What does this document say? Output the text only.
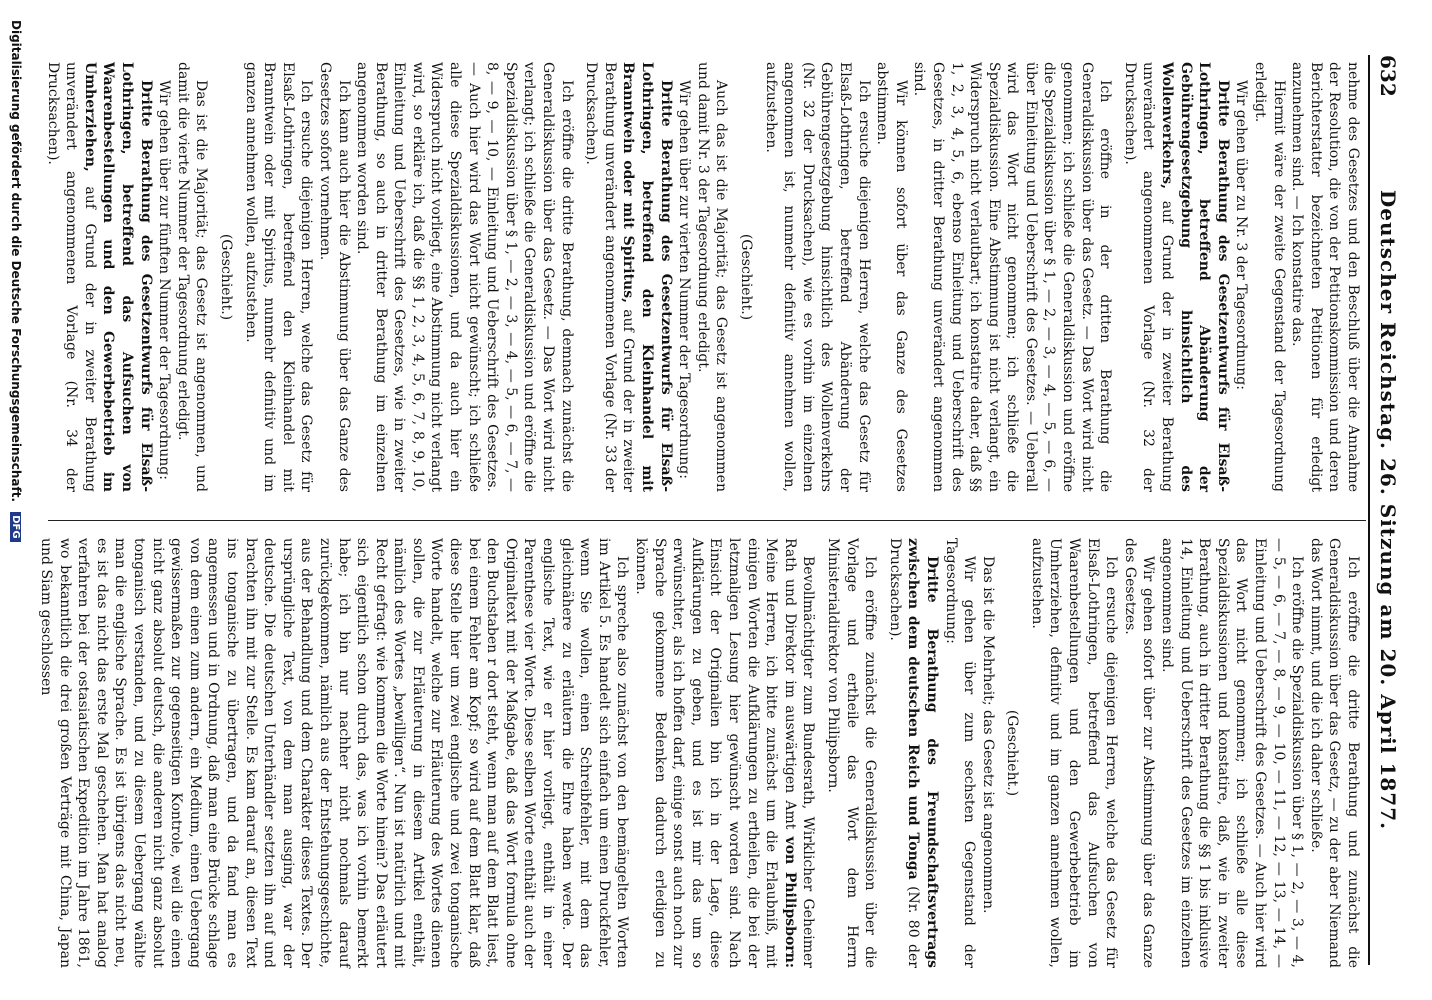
632
Deutscher Reichstag. 26. Sitzung am 20. April 1877.

nehme des Gesetzes und den Beschluß über die Annahme der Resolution, die von der Petitionskommission und deren Berichterstatter bezeichneten Petitionen für erledigt anzunehmen sind. — Ich konstatire das.

Hiermit wäre der zweite Gegenstand der Tagesordnung erledigt.

Wir gehen über zu Nr. 3 der Tagesordnung:

Dritte Berathung des Gesetzentwurfs für Elsaß-Lothringen, betreffend Abänderung der Gebührengesetzgebung hinsichtlich des Wollenverkehrs, auf Grund der in zweiter Berathung unverändert angenommenen Vorlage (Nr. 32 der Drucksachen).

Ich eröffne in der dritten Berathung die Generaldiskussion über das Gesetz. — Das Wort wird nicht genommen; ich schließe die Generaldiskussion und eröffne die Spezialdiskussion über § 1, — 2, — 3, — 4, — 5, — 6, — über Einleitung und Ueberschrift des Gesetzes. — Ueberall wird das Wort nicht genommen; ich schließe die Spezialdiskussion. Eine Abstimmung ist nicht verlangt, ein Widerspruch nicht verlautbart; ich konstatire daher, daß §§ 1, 2, 3, 4, 5, 6, ebenso Einleitung und Ueberschrift des Gesetzes, in dritter Berathung unverändert angenommen sind.

Wir können sofort über das Ganze des Gesetzes abstimmen.

Ich ersuche diejenigen Herren, welche das Gesetz für Elsaß-Lothringen, betreffend Abänderung der Gebührengesetzgebung hinsichtlich des Wollenverkehrs (Nr. 32 der Drucksachen), wie es vorhin im einzelnen angenommen ist, nunmehr definitiv annehmen wollen, aufzustehen.

(Geschieht.)

Auch das ist die Majorität; das Gesetz ist angenommen und damit Nr. 3 der Tagesordnung erledigt.

Wir gehen über zur vierten Nummer der Tagesordnung:

Dritte Berathung des Gesetzentwurfs für Elsaß-Lothringen, betreffend den Kleinhandel mit Branntwein oder mit Spiritus, auf Grund der in zweiter Berathung unverändert angenommenen Vorlage (Nr. 33 der Drucksachen).

Ich eröffne die dritte Berathung, demnach zunächst die Generaldiskussion über das Gesetz. — Das Wort wird nicht verlangt; ich schließe die Generaldiskussion und eröffne die Spezialdiskussion über § 1, — 2, — 3, — 4, — 5, — 6, — 7, — 8, — 9, — 10, — Einleitung und Ueberschrift des Gesetzes. — Auch hier wird das Wort nicht gewünscht; ich schließe alle diese Spezialdiskussionen, und da auch hier ein Widerspruch nicht vorliegt, eine Abstimmung nicht verlangt wird, so erkläre ich, daß die §§ 1, 2, 3, 4, 5, 6, 7, 8, 9, 10, Einleitung und Ueberschrift des Gesetzes, wie in zweiter Berathung, so auch in dritter Berathung im einzelnen angenommen worden sind.

Ich kann auch hier die Abstimmung über das Ganze des Gesetzes sofort vornehmen.

Ich ersuche diejenigen Herren, welche das Gesetz für Elsaß-Lothringen, betreffend den Kleinhandel mit Branntwein oder mit Spiritus, nunmehr definitiv und im ganzen annehmen wollen, aufzustehen.

(Geschieht.)

Das ist die Majorität; das Gesetz ist angenommen, und damit die vierte Nummer der Tagesordnung erledigt.

Wir gehen über zur fünften Nummer der Tagesordnung:

Dritte Berathung des Gesetzentwurfs für Elsaß-Lothringen, betreffend das Aufsuchen von Waarenbestellungen und den Gewerbebetrieb im Umherziehen, auf Grund der in zweiter Berathung unverändert angenommenen Vorlage (Nr. 34 der Drucksachen).

Ich eröffne die dritte Berathung und zunächst die Generaldiskussion über das Gesetz, — zu der aber Niemand das Wort nimmt, und die ich daher schließe.

Ich eröffne die Spezialdiskussion über § 1, — 2, — 3, — 4, — 5, — 6, — 7, — 8, — 9, — 10, — 11, — 12, — 13, — 14, — Einleitung und Ueberschrift des Gesetzes. — Auch hier wird das Wort nicht genommen; ich schließe alle diese Spezialdiskussionen und konstatire, daß, wie in zweiter Berathung, auch in dritter Berathung die §§ 1 bis inklusive 14, Einleitung und Ueberschrift des Gesetzes im einzelnen angenommen sind.

Wir gehen sofort über zur Abstimmung über das Ganze des Gesetzes.

Ich ersuche diejenigen Herren, welche das Gesetz für Elsaß-Lothringen, betreffend das Aufsuchen von Waarenbestellungen und den Gewerbebetrieb im Umherziehen, definitiv und im ganzen annehmen wollen, aufzustehen.

(Geschieht.)

Das ist die Mehrheit; das Gesetz ist angenommen.

Wir gehen über zum sechsten Gegenstand der Tagesordnung:

Dritte Berathung des Freundschaftsvertrags zwischen dem deutschen Reich und Tonga (Nr. 80 der Drucksachen).

Ich eröffne zunächst die Generaldiskussion über die Vorlage und ertheile das Wort dem Herrn Ministerialdirektor von Philipsborn.

Bevollmächtigter zum Bundesrath, Wirklicher Geheimer Rath und Direktor im auswärtigen Amt von Philipsborn: Meine Herren, ich bitte zunächst um die Erlaubniß, mit einigen Worten die Aufklärungen zu ertheilen, die bei der letzmaligen Lesung hier gewünscht worden sind. Nach Einsicht der Originalien bin ich in der Lage, diese Aufklärungen zu geben, und es ist mir das um so erwünschter, als ich hoffen darf, einige sonst auch noch zur Sprache gekommene Bedenken dadurch erledigen zu können.

Ich spreche also zunächst von den bemängelten Worten im Artikel 5. Es handelt sich einfach um einen Druckfehler, wenn Sie wollen, einen Schreibfehler, mit dem das gleichnähere zu erläutern die Ehre haben werde. Der englische Text, wie er hier vorliegt, enthält in einer Parenthese vier Worte. Diese selben Worte enthält auch der Originaltext mit der Maßgabe, daß das Wort formula ohne den Buchstaben r dort steht, wenn man auf dem Blatt liest, bei einem Fehler am Kopf; so wird auf dem Blatt klar, daß diese Stelle hier um zwei englische und zwei tonganische Worte handelt, welche zur Erläuterung des Wortes dienen sollen, die zur Erläuterung in diesem Artikel enthält, nämlich des Wortes „bewilligen“. Nun ist natürlich und mit Recht gefragt: wie kommen die Worte hinein? Das erläutert sich eigentlich schon durch das, was ich vorhin bemerkt habe; ich bin nur nachher nicht nochmals darauf zurückgekommen, nämlich aus der Entstehungsgeschichte, aus der Behandlung und dem Charakter dieses Textes. Der ursprüngliche Text, von dem man ausging, war der deutsche. Die deutschen Unterhändler setzten ihn auf und brachten ihn mit zur Stelle. Es kam darauf an, diesen Text ins tonganische zu übertragen, und da fand man es angemessen und in Ordnung, daß man eine Brücke schlage von dem einen zum andern, ein Medium, einen Uebergang gewissermaßen zur gegenseitigen Kontrole, weil die einen nicht ganz absolut deutsch, die anderen nicht ganz absolut tonganisch verstanden, und zu diesem Uebergang wählte man die englische Sprache. Es ist übrigens das nicht neu, es ist das nicht das erste Mal geschehen. Man hat analog verfahren bei der ostasiatischen Expedition im Jahre 1861, wo bekanntlich die drei großen Verträge mit China, Japan und Siam geschlossen

Digitalisierung gefördert durch die Deutsche Forschungsgemeinschaft. DFG
